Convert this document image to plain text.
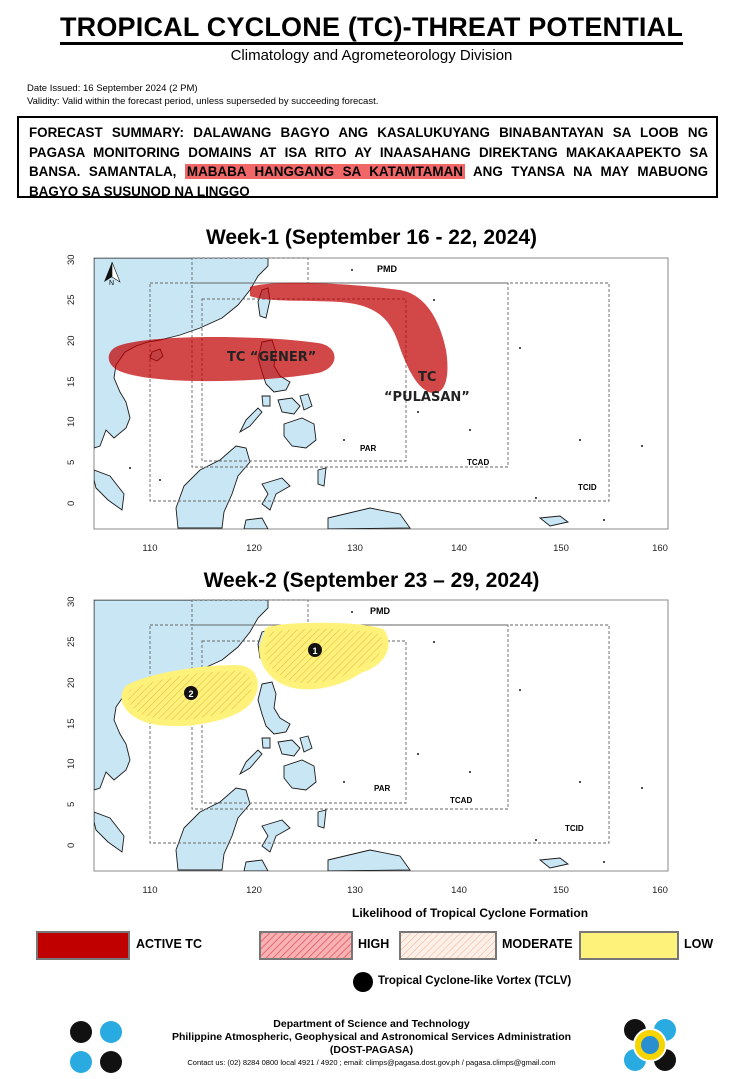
TROPICAL CYCLONE (TC)-THREAT POTENTIAL
Climatology and Agrometeorology Division
Date Issued: 16 September 2024 (2 PM)
Validity: Valid within the forecast period, unless superseded by succeeding forecast.
FORECAST SUMMARY: DALAWANG BAGYO ANG KASALUKUYANG BINABANTAYAN SA LOOB NG PAGASA MONITORING DOMAINS AT ISA RITO AY INAASAHANG DIREKTANG MAKAKAAPEKTO SA BANSA. SAMANTALA, MABABA HANGGANG SA KATAMTAMAN ANG TYANSA NA MAY MABUONG BAGYO SA SUSUNOD NA LINGGO
Week-1 (September 16 - 22, 2024)
N
PMD
PAR
TCAD
TCID
TC “GENER”
TC
“PULASAN”
110	120	130	140	150	160
30
25
20
15
10
5
0
1
2
PMD
PAR
TCAD
TCID
110	120	130	140	150	160
30
25
20
15
10
5
0
Week-2 (September 23 – 29, 2024)
Likelihood of Tropical Cyclone Formation
ACTIVE TC	HIGH	MODERATE	LOW
Tropical Cyclone-like Vortex (TCLV)
Department of Science and Technology
Philippine Atmospheric, Geophysical and Astronomical Services Administration
(DOST-PAGASA)
Contact us: (02) 8284 0800 local 4921 / 4920 ; email: climps@pagasa.dost.gov.ph / pagasa.climps@gmail.com
